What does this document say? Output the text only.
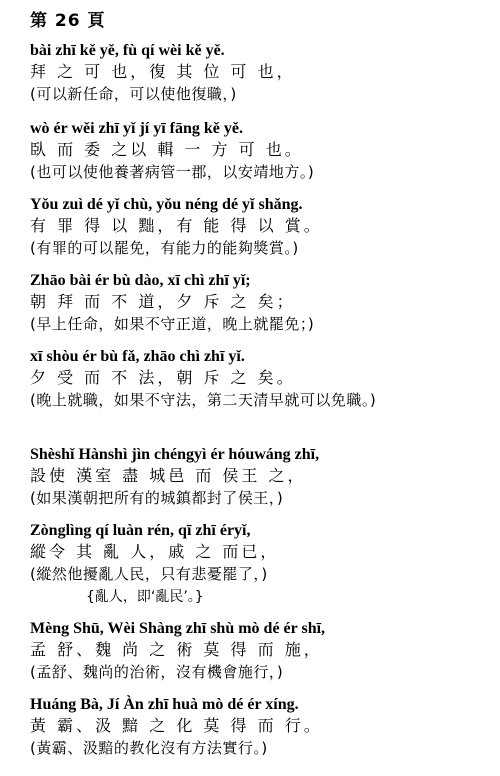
第 26 頁
bài zhī kě yě, fù qí wèi kě yě.
拜 之 可 也，復 其 位 可 也，
(可以新任命，可以使他復職，)
wò ér wěi zhī yǐ jí yī fāng kě yě.
臥 而 委 之以 輯 一 方 可 也。
(也可以使他養著病管一郡，以安靖地方。)
Yǒu zuì dé yǐ chù, yǒu néng dé yǐ shǎng.
有 罪 得 以 黜，有 能 得 以 賞。
(有罪的可以罷免，有能力的能夠獎賞。)
Zhāo bài ér bù dào, xī chì zhī yǐ;
朝 拜 而 不 道，夕 斥 之 矣；
(早上任命，如果不守正道，晚上就罷免；)
xī shòu ér bù fǎ, zhāo chì zhī yǐ.
夕 受 而 不 法，朝 斥 之 矣。
(晚上就職，如果不守法，第二天清早就可以免職。)
Shèshǐ Hànshì jìn chéngyì ér hóuwáng zhī,
設使 漢室 盡 城邑 而 侯王 之，
(如果漢朝把所有的城鎮都封了侯王，)
Zònglìng qí luàn rén, qī zhī éryǐ,
縱令 其 亂 人，戚 之 而已，
(縱然他擾亂人民，只有悲憂罷了，)
{亂人，即‘亂民’。}
Mèng Shū, Wèi Shàng zhī shù mò dé ér shī,
孟 舒、魏 尚 之 術 莫 得 而 施，
(孟舒、魏尚的治術，沒有機會施行，)
Huáng Bà, Jí Àn zhī huà mò dé ér xíng.
黃 霸、汲 黯 之 化 莫 得 而 行。
(黃霸、汲黯的教化沒有方法實行。)
